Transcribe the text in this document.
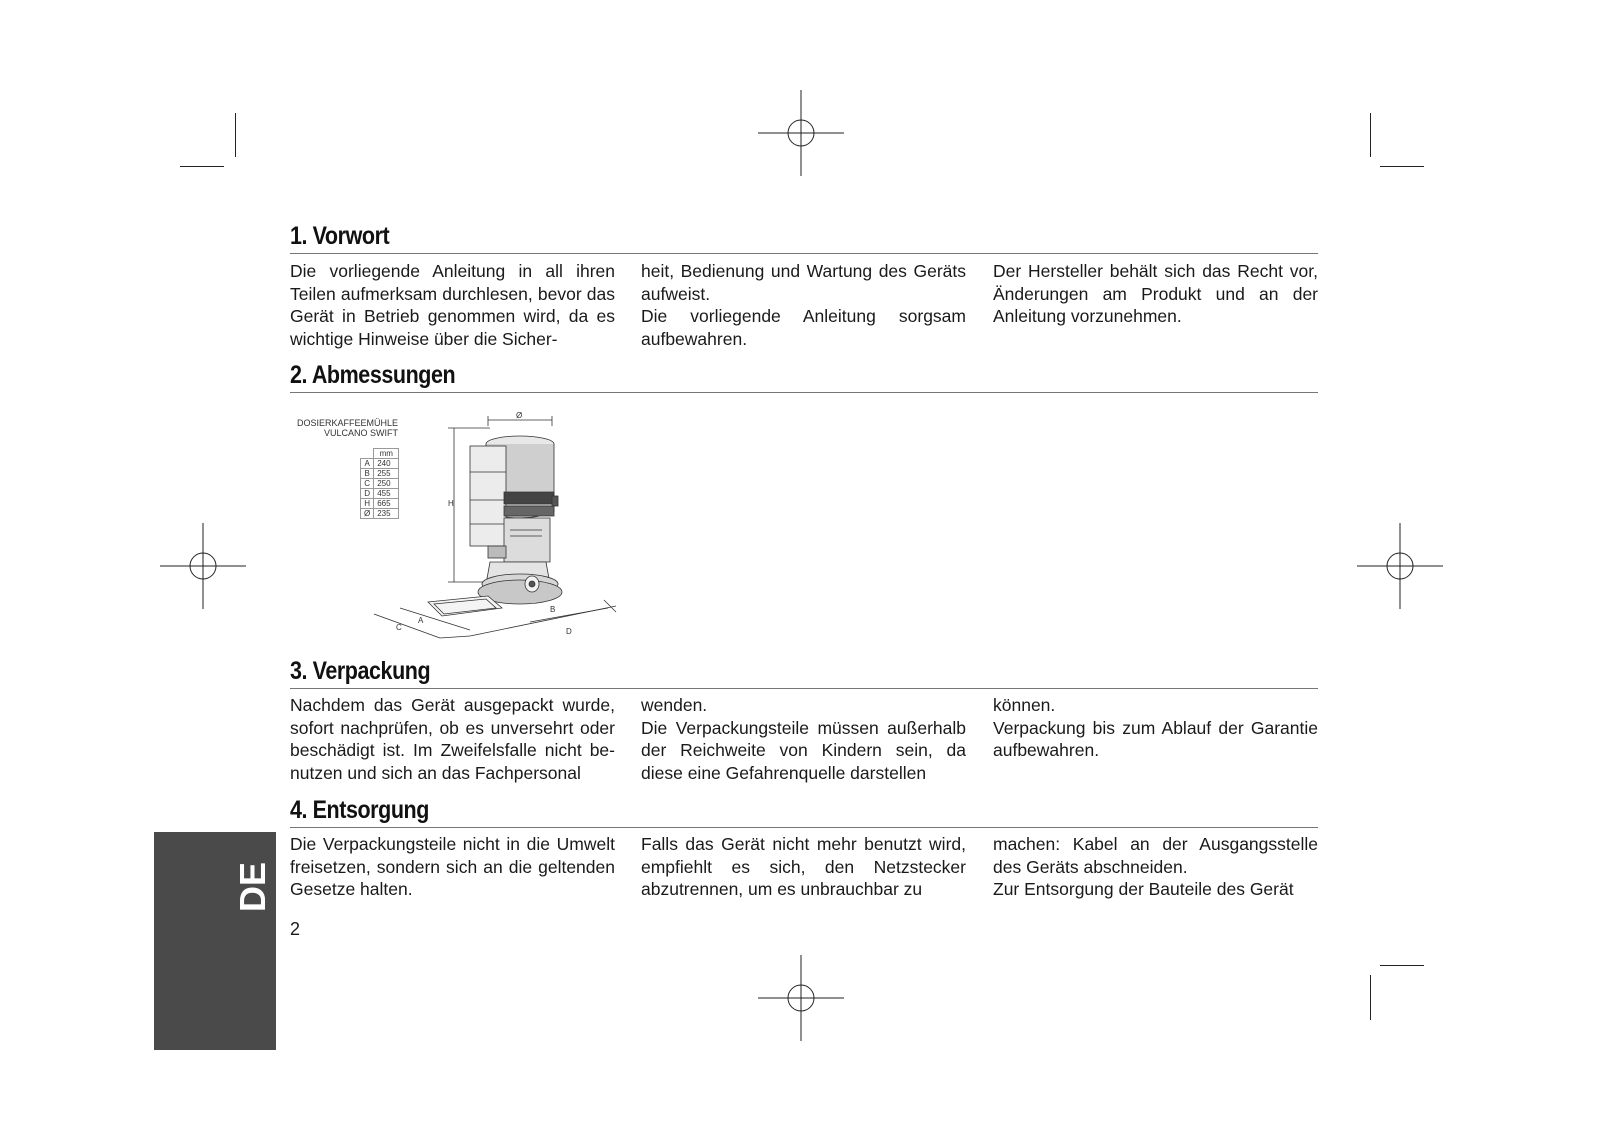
1. Vorwort

Die vorliegende Anleitung in all ihren Teilen aufmerksam durchlesen, bevor das Gerät in Betrieb genommen wird, da es wichtige Hinweise über die Sicher-

heit, Bedienung und Wartung des Geräts aufweist.

Die vorliegende Anleitung sorgsam aufbewahren.

Der Hersteller behält sich das Recht vor, Änderungen am Produkt und an der Anleitung vorzunehmen.

2. Abmessungen
DOSIERKAFFEEMÜHLE
VULCANO SWIFT
	mm
A	240
B	255
C	250
D	455
H	665
Ø	235
Ø
H
A
B
C	D
3. Verpackung

Nachdem das Gerät ausgepackt wurde, sofort nachprüfen, ob es unversehrt oder beschädigt ist. Im Zweifelsfalle nicht be- nutzen und sich an das Fachpersonal

wenden.

Die Verpackungsteile müssen außerhalb der Reichweite von Kindern sein, da diese eine Gefahrenquelle darstellen

können.

Verpackung bis zum Ablauf der Garantie aufbewahren.

4. Entsorgung

Die Verpackungsteile nicht in die Umwelt freisetzen, sondern sich an die geltenden Gesetze halten.

Falls das Gerät nicht mehr benutzt wird, empfiehlt es sich, den Netzstecker abzutrennen, um es unbrauchbar zu

machen: Kabel an der Ausgangsstelle des Geräts abschneiden.

Zur Entsorgung der Bauteile des Gerät

DE
2
